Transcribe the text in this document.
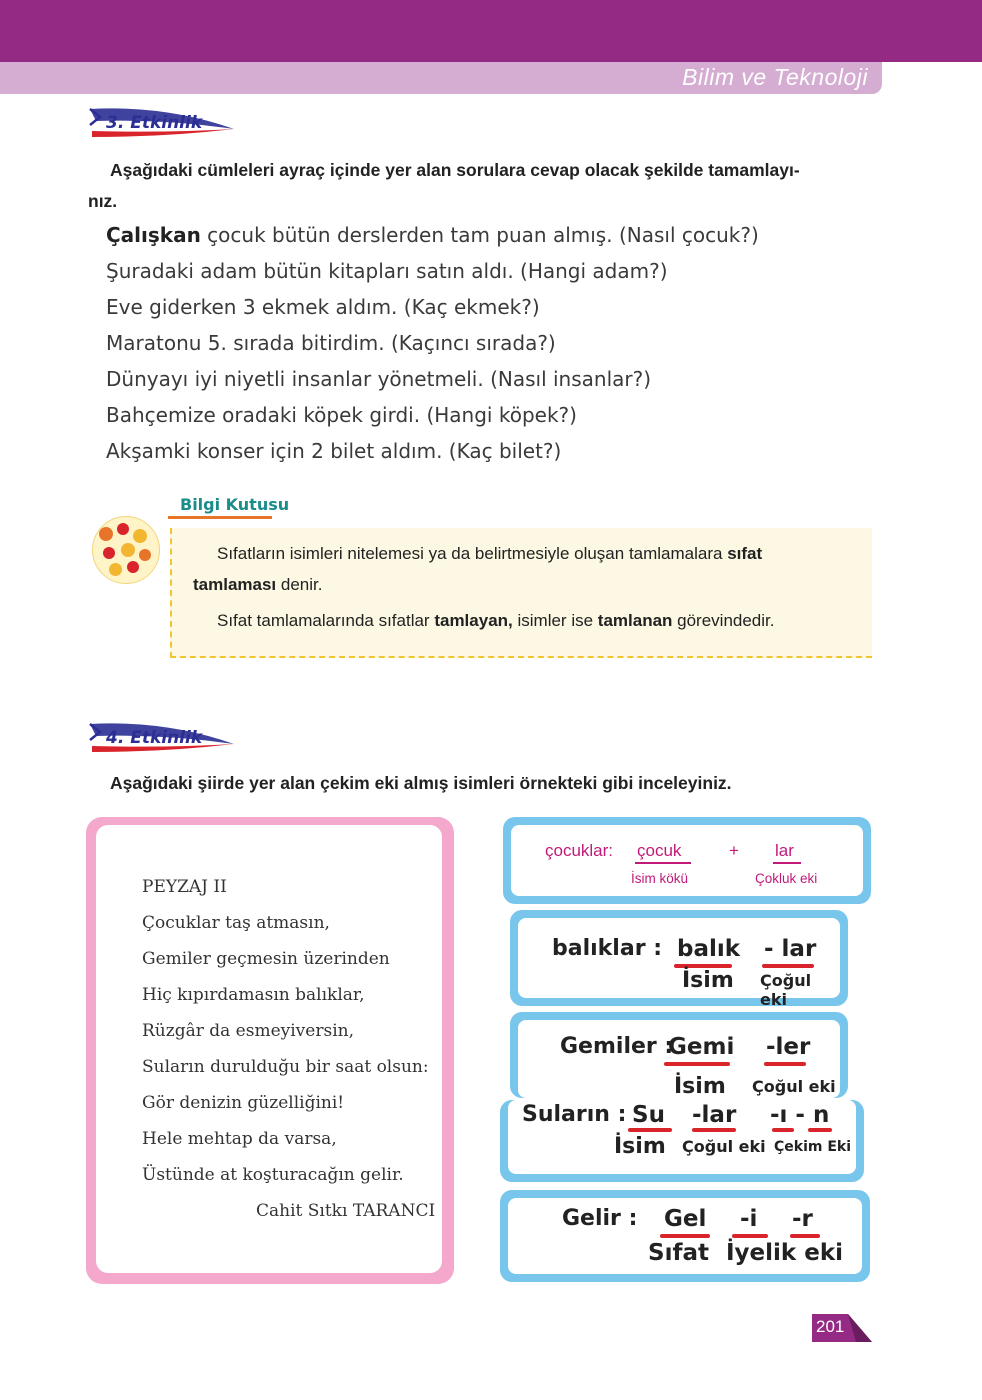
Bilim ve Teknoloji
3. Etkinlik
Aşağıdaki cümleleri ayraç içinde yer alan sorulara cevap olacak şekilde tamamlayı-
nız.
Çalışkan çocuk bütün derslerden tam puan almış. (Nasıl çocuk?)
Şuradaki adam bütün kitapları satın aldı. (Hangi adam?)
Eve giderken 3 ekmek aldım. (Kaç ekmek?)
Maratonu 5. sırada bitirdim. (Kaçıncı sırada?)
Dünyayı iyi niyetli insanlar yönetmeli. (Nasıl insanlar?)
Bahçemize oradaki köpek girdi. (Hangi köpek?)
Akşamki konser için 2 bilet aldım. (Kaç bilet?)
Bilgi Kutusu
Sıfatların isimleri nitelemesi ya da belirtmesiyle oluşan tamlamalara sıfat
tamlaması denir.
Sıfat tamlamalarında sıfatlar tamlayan, isimler ise tamlanan görevindedir.
4. Etkinlik
Aşağıdaki şiirde yer alan çekim eki almış isimleri örnekteki gibi inceleyiniz.
PEYZAJ II
Çocuklar taş atmasın,
Gemiler geçmesin üzerinden
Hiç kıpırdamasın balıklar,
Rüzgâr da esmeyiversin,
Suların durulduğu bir saat olsun:
Gör denizin güzelliğini!
Hele mehtap da varsa,
Üstünde at koşturacağın gelir.
Cahit Sıtkı TARANCI
çocuklar: çocuk	+ lar
İsim kökü	Çokluk eki
balıklar : balık - lar
İsim Çoğul eki
Gemiler :
Gemi -ler
İsim Çoğul eki
Suların : Su -lar -ı - n
İsim Çoğul eki Çekim Eki
Gelir : Gel -i -r
Sıfat İyelik eki
201
